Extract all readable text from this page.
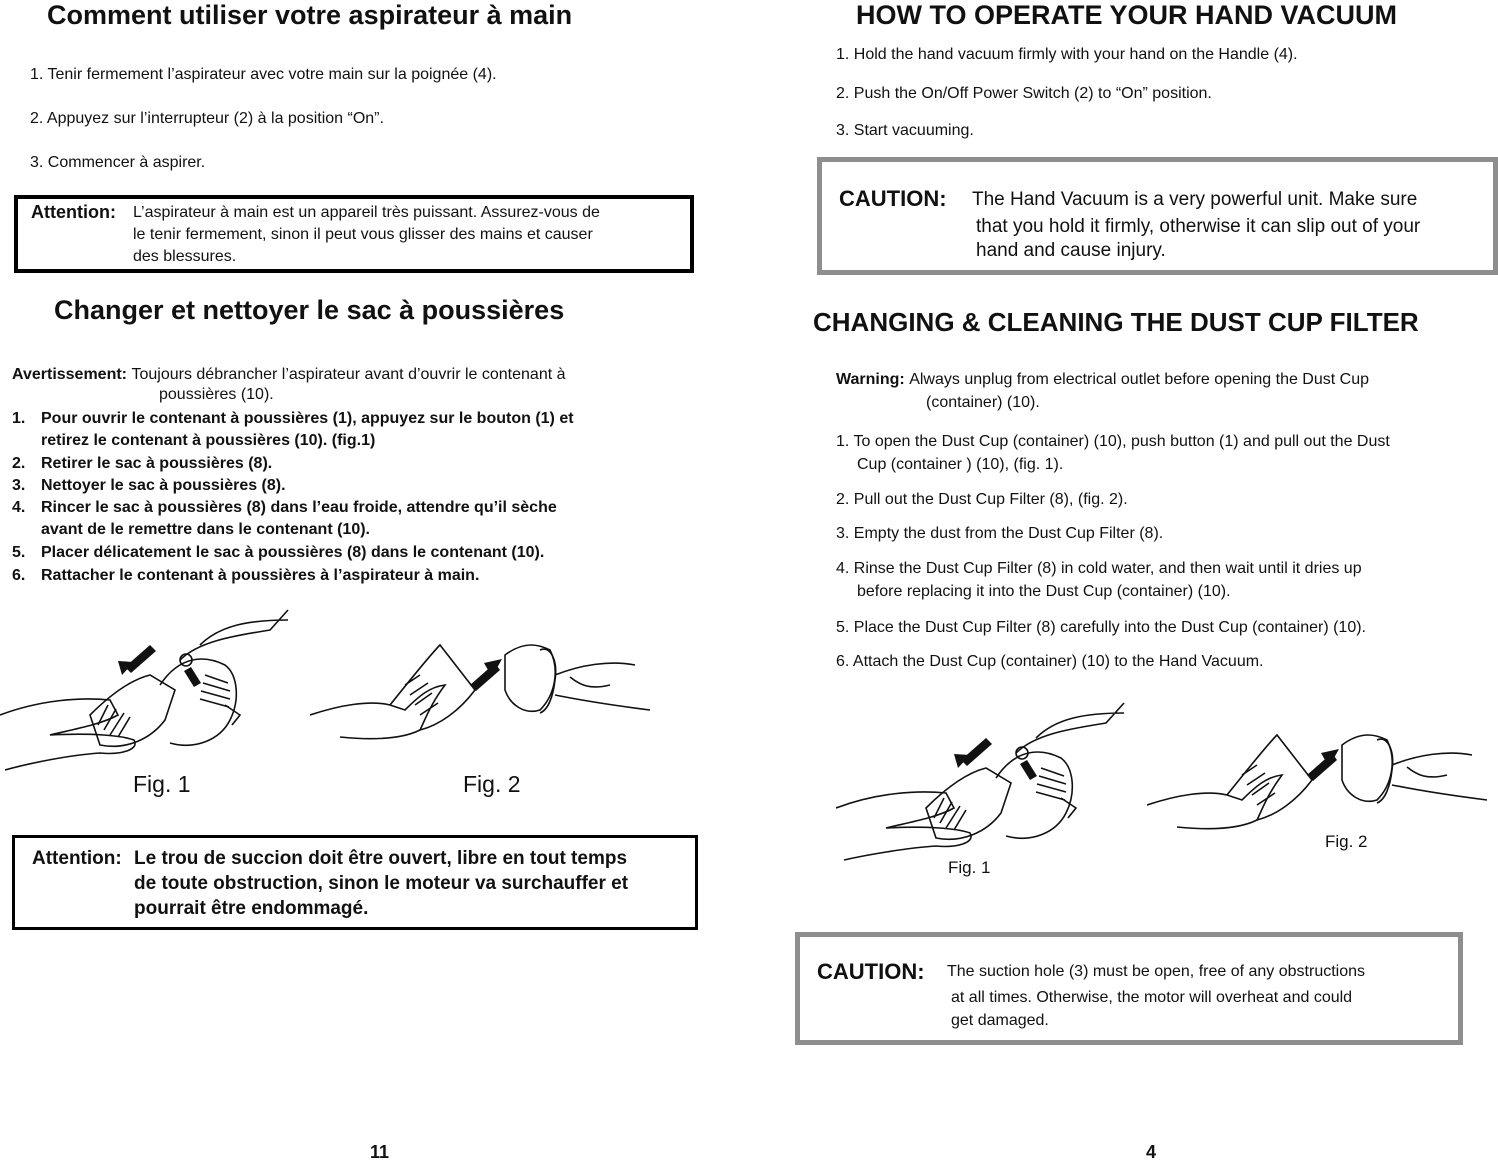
Comment utiliser votre aspirateur à main
1. Tenir fermement l’aspirateur avec votre main sur la poignée (4).
2. Appuyez sur l’interrupteur (2) à la position “On”.
3. Commencer à aspirer.
Attention: L’aspirateur à main est un appareil très puissant. Assurez-vous de
le tenir fermement, sinon il peut vous glisser des mains et causer
des blessures.
Changer et nettoyer le sac à poussières
Avertissement: Toujours débrancher l’aspirateur avant d’ouvrir le contenant à
poussières (10).
1. Pour ouvrir le contenant à poussières (1), appuyez sur le bouton (1) et
retirez le contenant à poussières (10). (fig.1)
2. Retirer le sac à poussières (8).
3. Nettoyer le sac à poussières (8).
4. Rincer le sac à poussières (8) dans l’eau froide, attendre qu’il sèche
avant de le remettre dans le contenant (10).
5. Placer délicatement le sac à poussières (8) dans le contenant (10).
6. Rattacher le contenant à poussières à l’aspirateur à main.
Fig. 1	Fig. 2
Attention: Le trou de succion doit être ouvert, libre en tout temps
de toute obstruction, sinon le moteur va surchauffer et
pourrait être endommagé.
11
HOW TO OPERATE YOUR HAND VACUUM
1. Hold the hand vacuum firmly with your hand on the Handle (4).
2. Push the On/Off Power Switch (2) to “On” position.
3. Start vacuuming.
CAUTION: The Hand Vacuum is a very powerful unit. Make sure
that you hold it firmly, otherwise it can slip out of your
hand and cause injury.
CHANGING & CLEANING THE DUST CUP FILTER
Warning: Always unplug from electrical outlet before opening the Dust Cup
(container) (10).
1. To open the Dust Cup (container) (10), push button (1) and pull out the Dust
Cup (container ) (10), (fig. 1).
2. Pull out the Dust Cup Filter (8), (fig. 2).
3. Empty the dust from the Dust Cup Filter (8).
4. Rinse the Dust Cup Filter (8) in cold water, and then wait until it dries up
before replacing it into the Dust Cup (container) (10).
5. Place the Dust Cup Filter (8) carefully into the Dust Cup (container) (10).
6. Attach the Dust Cup (container) (10) to the Hand Vacuum.
Fig. 1
Fig. 2
CAUTION: The suction hole (3) must be open, free of any obstructions
at all times. Otherwise, the motor will overheat and could
get damaged.
4
